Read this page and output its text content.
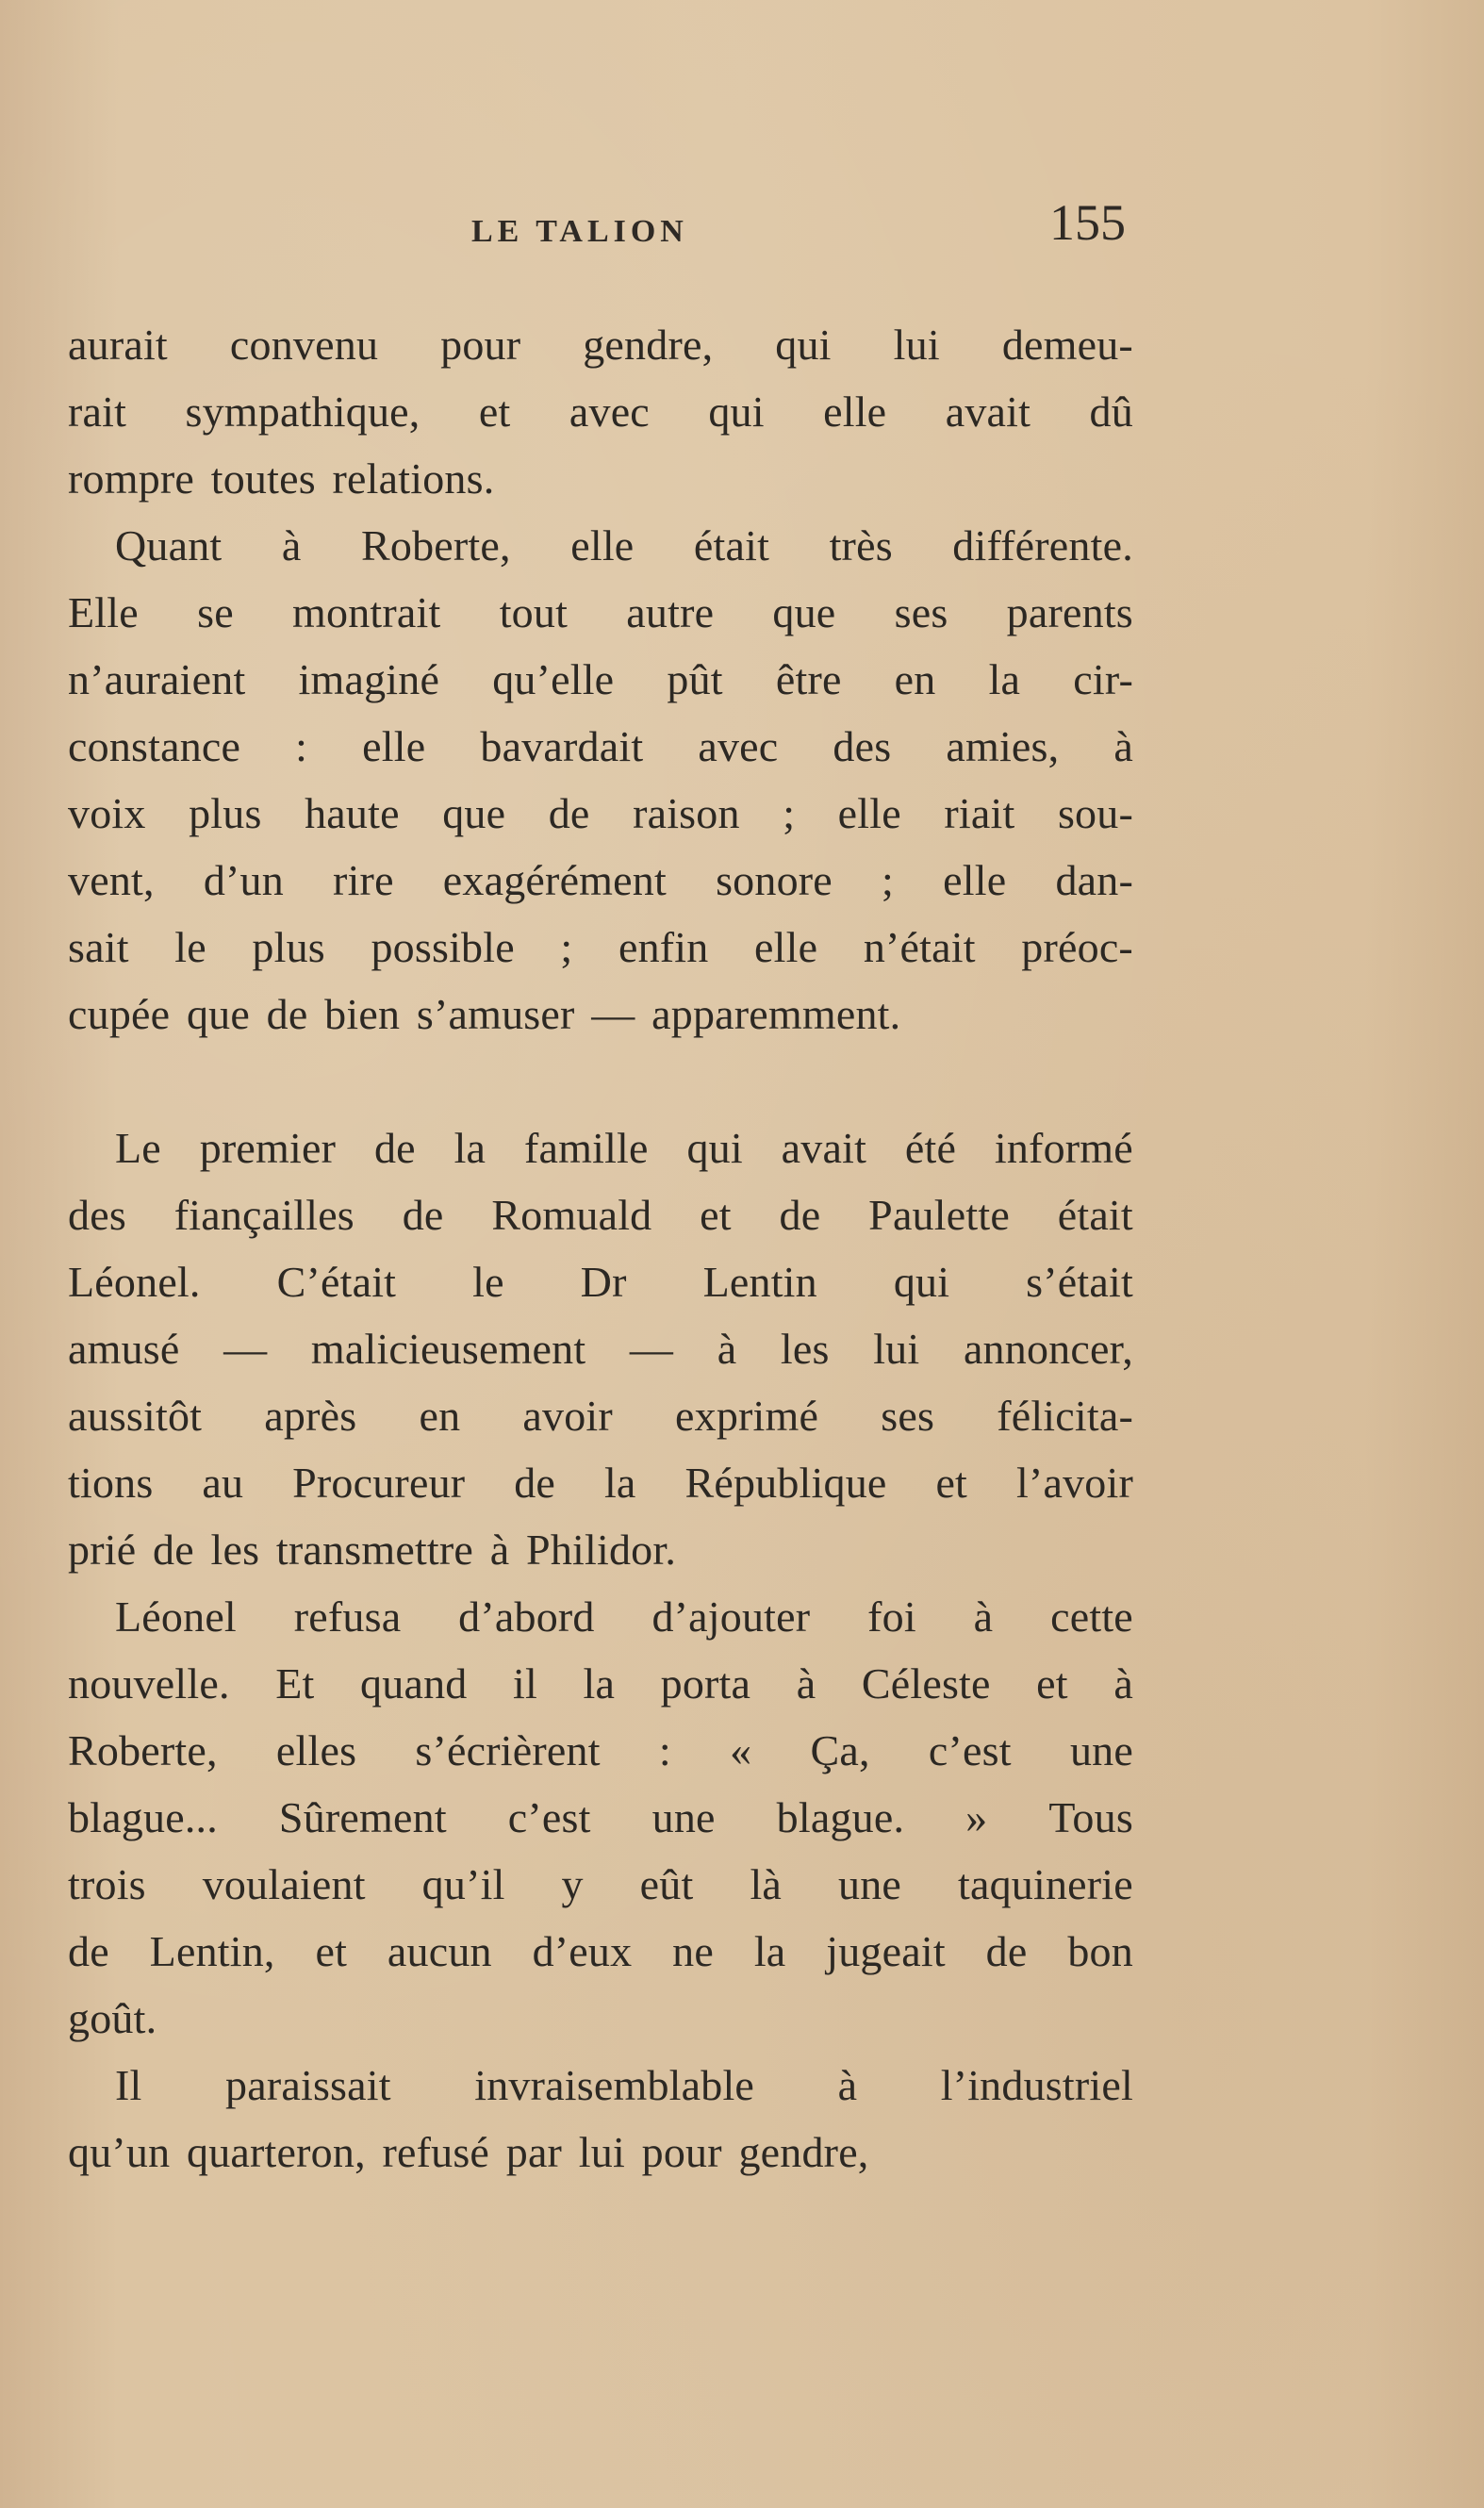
LE TALION	155
aurait convenu pour gendre, qui lui demeu-
rait sympathique, et avec qui elle avait dû
rompre toutes relations.
Quant à Roberte, elle était très différente.
Elle se montrait tout autre que ses parents
n’auraient imaginé qu’elle pût être en la cir-
constance : elle bavardait avec des amies, à
voix plus haute que de raison ; elle riait sou-
vent, d’un rire exagérément sonore ; elle dan-
sait le plus possible ; enfin elle n’était préoc-
cupée que de bien s’amuser — apparemment.
Le premier de la famille qui avait été informé
des fiançailles de Romuald et de Paulette était
Léonel. C’était le Dr Lentin qui s’était
amusé — malicieusement — à les lui annoncer,
aussitôt après en avoir exprimé ses félicita-
tions au Procureur de la République et l’avoir
prié de les transmettre à Philidor.
Léonel refusa d’abord d’ajouter foi à cette
nouvelle. Et quand il la porta à Céleste et à
Roberte, elles s’écrièrent : « Ça, c’est une
blague... Sûrement c’est une blague. » Tous
trois voulaient qu’il y eût là une taquinerie
de Lentin, et aucun d’eux ne la jugeait de bon
goût.
Il paraissait invraisemblable à l’industriel
qu’un quarteron, refusé par lui pour gendre,
